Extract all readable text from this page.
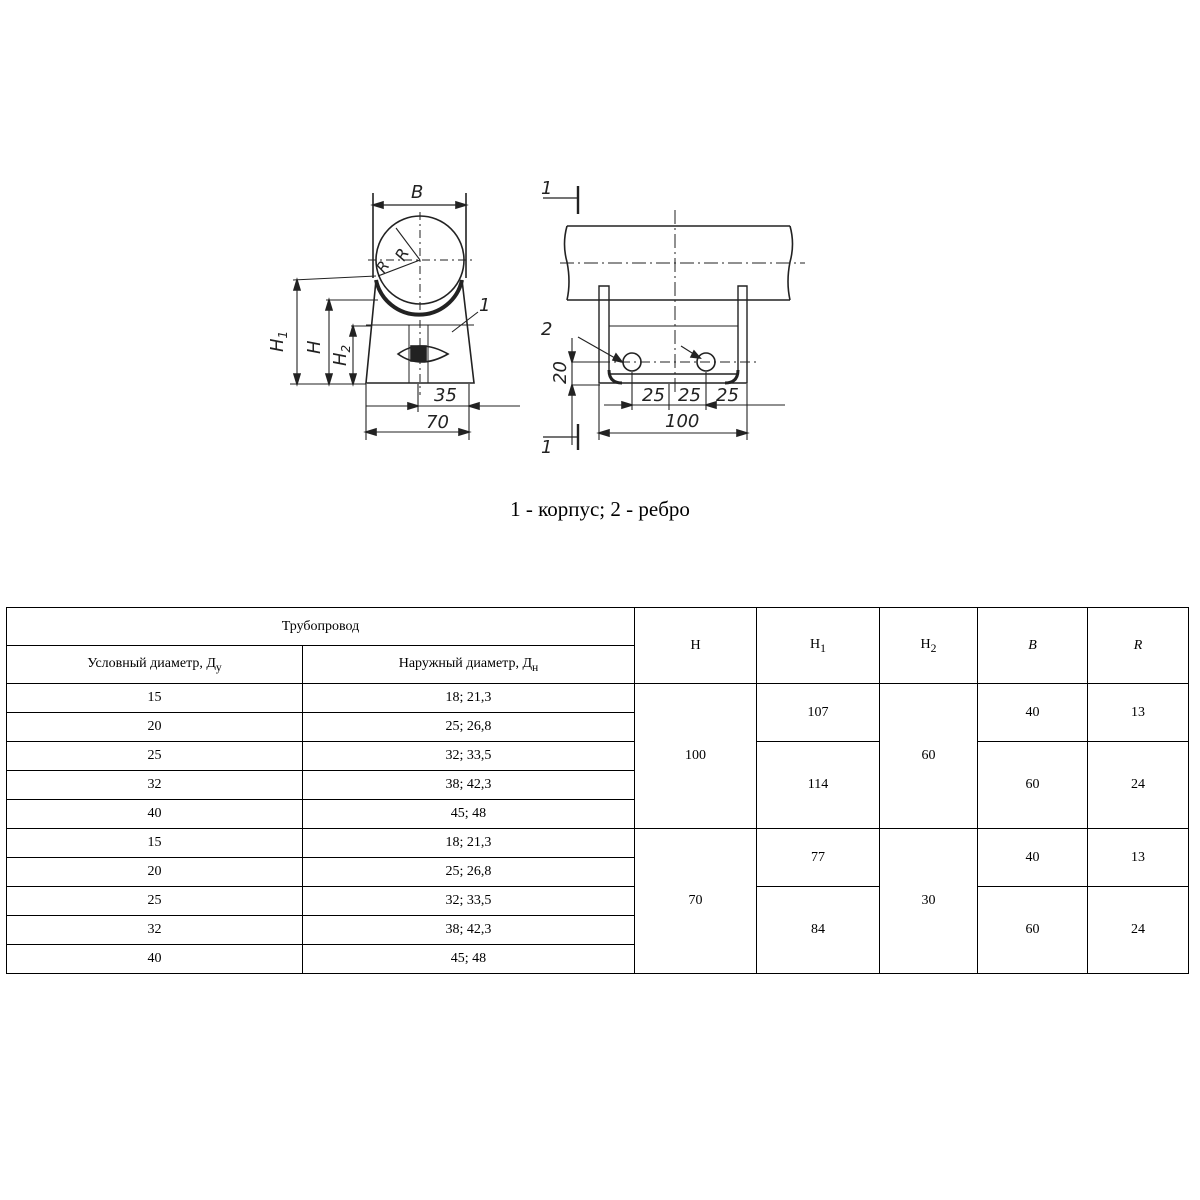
B
R
R
$H_1$
H
$H_2$
35
70
1
1
2
20
25 25 25
100
1
1 - корпус; 2 - ребро
Трубопровод		H	$H_1$	$H_2$	B	R
Условный диаметр, $Д_у$	Наружный диаметр, $Д_н$
15	18; 21,3	100	107	60	40	13
20	25; 26,8					
25	32; 33,5		114		60	24
32	38; 42,3					
40	45; 48					
15	18; 21,3	70	77	30	40	13
20	25; 26,8					
25	32; 33,5		84		60	24
32	38; 42,3					
40	45; 48					
